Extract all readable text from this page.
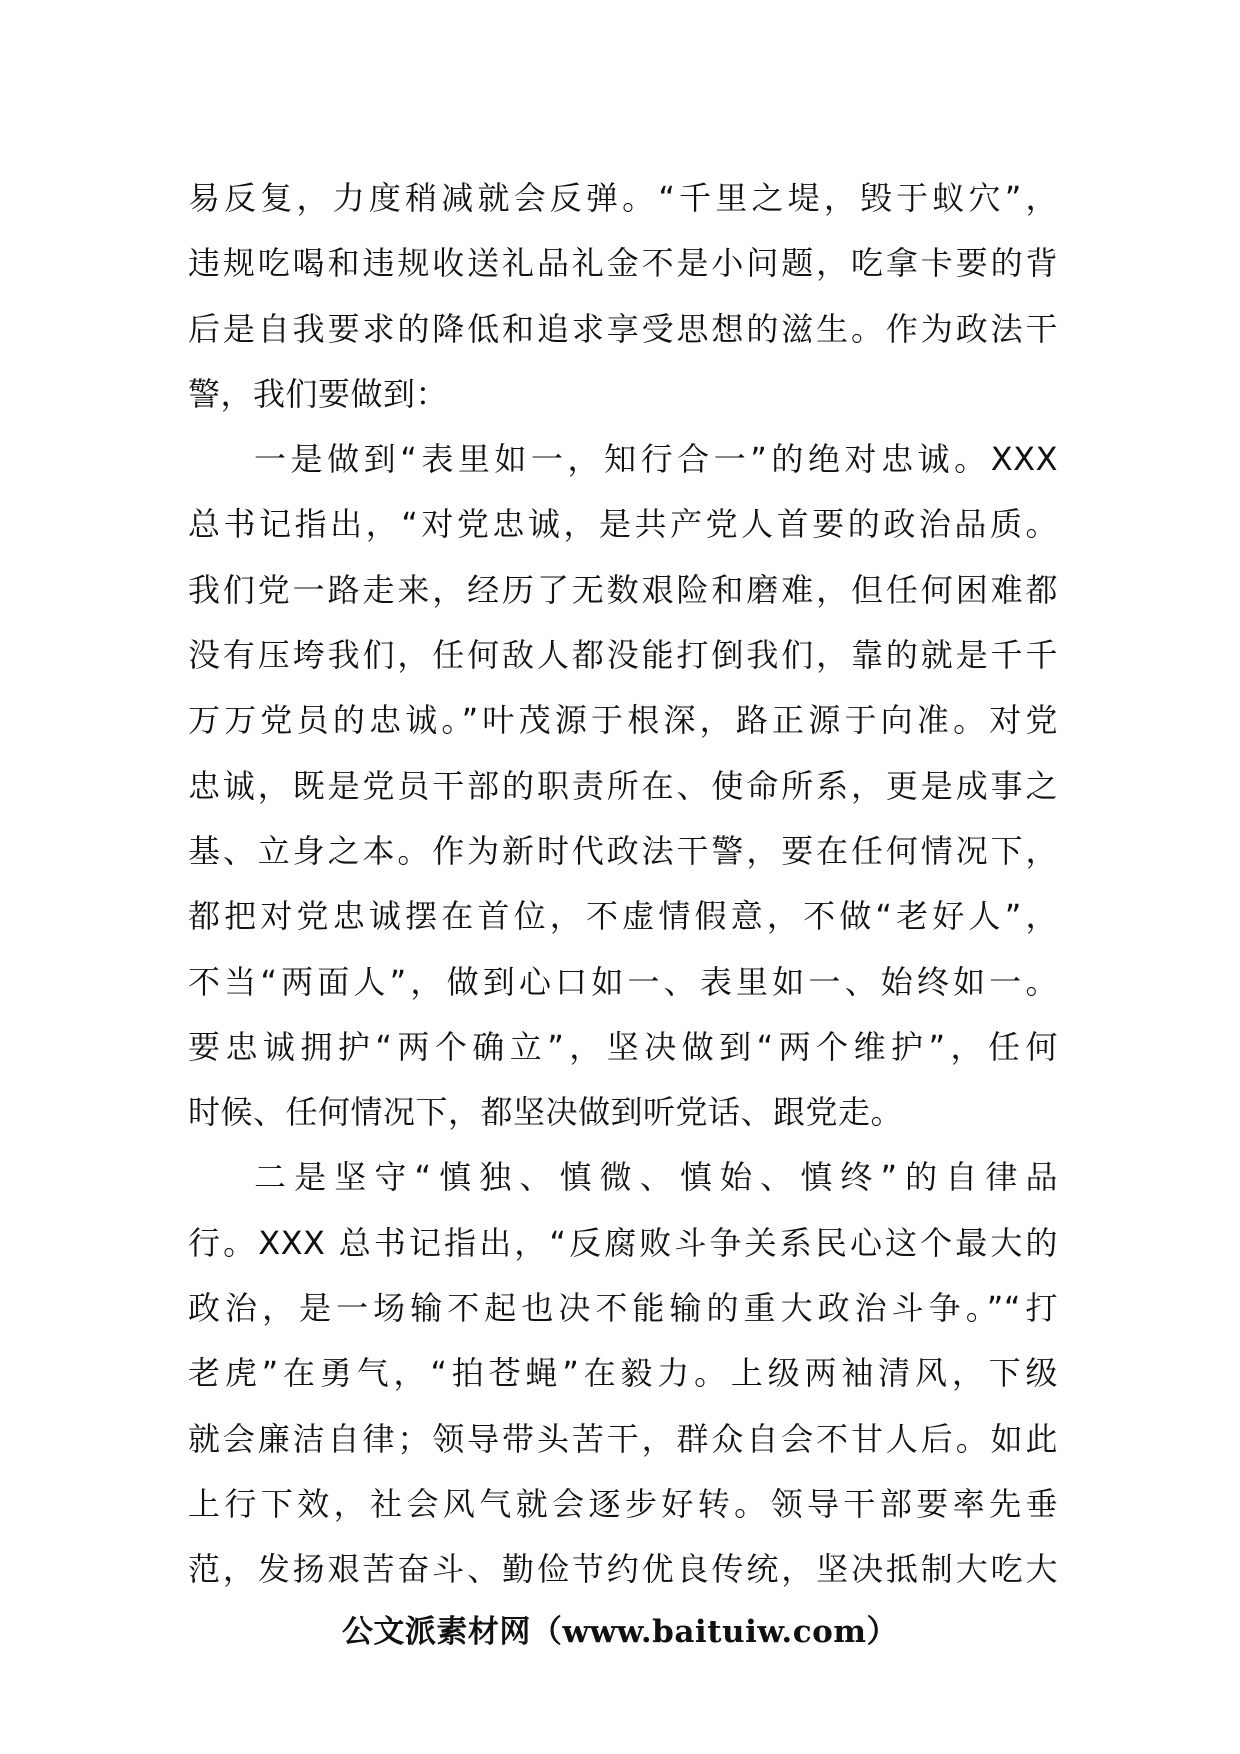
易反复，力度稍减就会反弹。“千里之堤，毁于蚁穴”，
违规吃喝和违规收送礼品礼金不是小问题，吃拿卡要的背
后是自我要求的降低和追求享受思想的滋生。作为政法干
警，我们要做到：
一是做到“表里如一，知行合一”的绝对忠诚。XXX
总书记指出，“对党忠诚，是共产党人首要的政治品质。
我们党一路走来，经历了无数艰险和磨难，但任何困难都
没有压垮我们，任何敌人都没能打倒我们，靠的就是千千
万万党员的忠诚。”叶茂源于根深，路正源于向准。对党
忠诚，既是党员干部的职责所在、使命所系，更是成事之
基、立身之本。作为新时代政法干警，要在任何情况下，
都把对党忠诚摆在首位，不虚情假意，不做“老好人”，
不当“两面人”，做到心口如一、表里如一、始终如一。
要忠诚拥护“两个确立”，坚决做到“两个维护”，任何
时候、任何情况下，都坚决做到听党话、跟党走。
二是坚守“慎独、慎微、慎始、慎终”的自律品
行。XXX 总书记指出，“反腐败斗争关系民心这个最大的
政治，是一场输不起也决不能输的重大政治斗争。”“打
老虎”在勇气，“拍苍蝇”在毅力。上级两袖清风，下级
就会廉洁自律；领导带头苦干，群众自会不甘人后。如此
上行下效，社会风气就会逐步好转。领导干部要率先垂
范，发扬艰苦奋斗、勤俭节约优良传统，坚决抵制大吃大
公文派素材网（www.baituiw.com）
